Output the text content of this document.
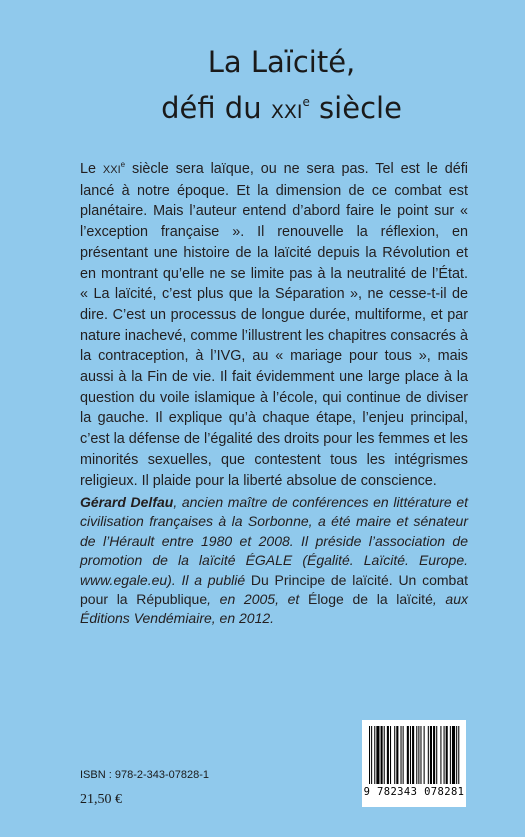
La Laïcité,
défi du XXIe siècle

Le XXIe siècle sera laïque, ou ne sera pas. Tel est le défi lancé à notre époque. Et la dimension de ce combat est planétaire. Mais l’auteur entend d’abord faire le point sur « l’exception française ». Il renouvelle la réflexion, en présentant une histoire de la laïcité depuis la Révolution et en montrant qu’elle ne se limite pas à la neutralité de l’État. « La laïcité, c’est plus que la Séparation », ne cesse-t-il de dire. C’est un processus de longue durée, multiforme, et par nature inachevé, comme l’illustrent les chapitres consacrés à la contraception, à l’IVG, au « mariage pour tous », mais aussi à la Fin de vie. Il fait évidemment une large place à la question du voile islamique à l’école, qui continue de diviser la gauche. Il explique qu’à chaque étape, l’enjeu principal, c’est la défense de l’égalité des droits pour les femmes et les minorités sexuelles, que contestent tous les intégrismes religieux. Il plaide pour la liberté absolue de conscience.

Gérard Delfau, ancien maître de conférences en littérature et civilisation françaises à la Sorbonne, a été maire et sénateur de l’Hérault entre 1980 et 2008. Il préside l’association de promotion de la laïcité ÉGALE (Égalité. Laïcité. Europe. www.egale.eu). Il a publié Du Principe de laïcité. Un combat pour la République, en 2005, et Éloge de la laïcité, aux Éditions Vendémiaire, en 2012.
9 782343 078281
ISBN : 978-2-343-07828-1
21,50 €
